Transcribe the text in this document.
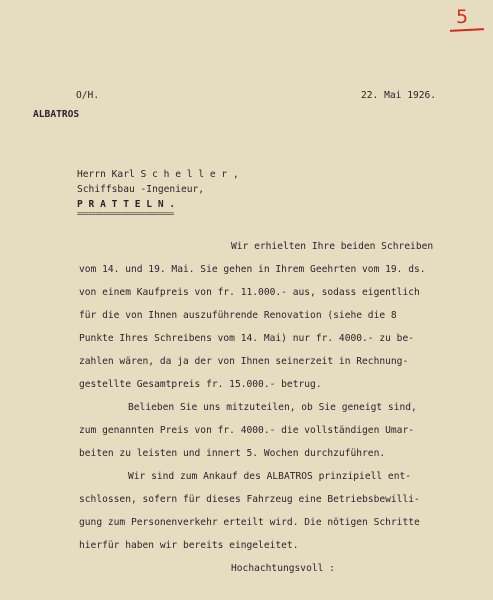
5
O/H.	22. Mai 1926.
ALBATROS
Herrn Karl S c h e l l e r ,
Schiffsbau -Ingenieur,
P R A T T E L N .
==========================
Wir erhielten Ihre beiden Schreiben
vom 14. und 19. Mai. Sie gehen in Ihrem Geehrten vom 19. ds.
von einem Kaufpreis von fr. 11.000.- aus, sodass eigentlich
für die von Ihnen auszuführende Renovation (siehe die 8
Punkte Ihres Schreibens vom 14. Mai) nur fr. 4000.- zu be-
zahlen wären, da ja der von Ihnen seinerzeit in Rechnung-
gestellte Gesamtpreis fr. 15.000.- betrug.
Belieben Sie uns mitzuteilen, ob Sie geneigt sind,
zum genannten Preis von fr. 4000.- die vollständigen Umar-
beiten zu leisten und innert 5. Wochen durchzuführen.
Wir sind zum Ankauf des ALBATROS prinzipiell ent-
schlossen, sofern für dieses Fahrzeug eine Betriebsbewilli-
gung zum Personenverkehr erteilt wird. Die nötigen Schritte
hierfür haben wir bereits eingeleitet.
Hochachtungsvoll :
